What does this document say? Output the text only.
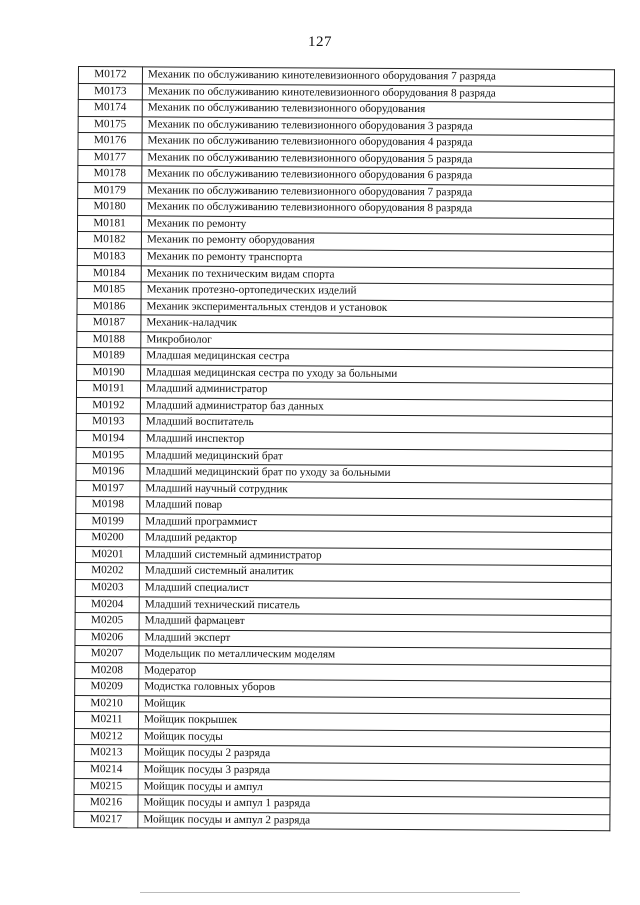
127
М0172	Механик по обслуживанию кинотелевизионного оборудования 7 разряда
М0173	Механик по обслуживанию кинотелевизионного оборудования 8 разряда
М0174	Механик по обслуживанию телевизионного оборудования
М0175	Механик по обслуживанию телевизионного оборудования 3 разряда
М0176	Механик по обслуживанию телевизионного оборудования 4 разряда
М0177	Механик по обслуживанию телевизионного оборудования 5 разряда
М0178	Механик по обслуживанию телевизионного оборудования 6 разряда
М0179	Механик по обслуживанию телевизионного оборудования 7 разряда
М0180	Механик по обслуживанию телевизионного оборудования 8 разряда
М0181	Механик по ремонту
М0182	Механик по ремонту оборудования
М0183	Механик по ремонту транспорта
М0184	Механик по техническим видам спорта
М0185	Механик протезно-ортопедических изделий
М0186	Механик экспериментальных стендов и установок
М0187	Механик-наладчик
М0188	Микробиолог
М0189	Младшая медицинская сестра
М0190	Младшая медицинская сестра по уходу за больными
М0191	Младший администратор
М0192	Младший администратор баз данных
М0193	Младший воспитатель
М0194	Младший инспектор
М0195	Младший медицинский брат
М0196	Младший медицинский брат по уходу за больными
М0197	Младший научный сотрудник
М0198	Младший повар
М0199	Младший программист
М0200	Младший редактор
М0201	Младший системный администратор
М0202	Младший системный аналитик
М0203	Младший специалист
М0204	Младший технический писатель
М0205	Младший фармацевт
М0206	Младший эксперт
М0207	Модельщик по металлическим моделям
М0208	Модератор
М0209	Модистка головных уборов
М0210	Мойщик
М0211	Мойщик покрышек
М0212	Мойщик посуды
М0213	Мойщик посуды 2 разряда
М0214	Мойщик посуды 3 разряда
М0215	Мойщик посуды и ампул
М0216	Мойщик посуды и ампул 1 разряда
М0217	Мойщик посуды и ампул 2 разряда
